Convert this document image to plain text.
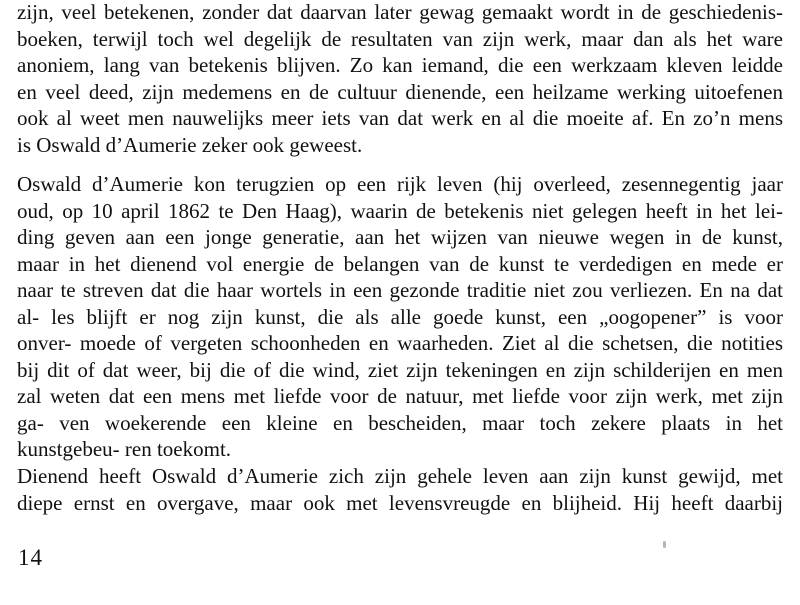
zijn, veel betekenen, zonder dat daarvan later gewag gemaakt wordt in de geschiedenis-
boeken, terwijl toch wel degelijk de resultaten van zijn werk, maar dan als het ware
anoniem, lang van betekenis blijven. Zo kan iemand, die een werkzaam kleven leidde
en veel deed, zijn medemens en de cultuur dienende, een heilzame werking uitoefenen
ook al weet men nauwelijks meer iets van dat werk en al die moeite af. En zo’n mens
is Oswald d’Aumerie zeker ook geweest.
Oswald d’Aumerie kon terugzien op een rijk leven (hij overleed, zesennegentig jaar
oud, op 10 april 1862 te Den Haag), waarin de betekenis niet gelegen heeft in het lei-
ding geven aan een jonge generatie, aan het wijzen van nieuwe wegen in de kunst,
maar in het dienend vol energie de belangen van de kunst te verdedigen en mede er
naar te streven dat die haar wortels in een gezonde traditie niet zou verliezen. En na dat
al- les blijft er nog zijn kunst, die als alle goede kunst, een „oogopener” is voor
onver- moede of vergeten schoonheden en waarheden. Ziet al die schetsen, die notities
bij dit of dat weer, bij die of die wind, ziet zijn tekeningen en zijn schilderijen en men
zal weten dat een mens met liefde voor de natuur, met liefde voor zijn werk, met zijn
ga- ven woekerende een kleine en bescheiden, maar toch zekere plaats in het
kunstgebeu- ren toekomt.
Dienend heeft Oswald d’Aumerie zich zijn gehele leven aan zijn kunst gewijd, met
diepe ernst en overgave, maar ook met levensvreugde en blijheid. Hij heeft daarbij
14
